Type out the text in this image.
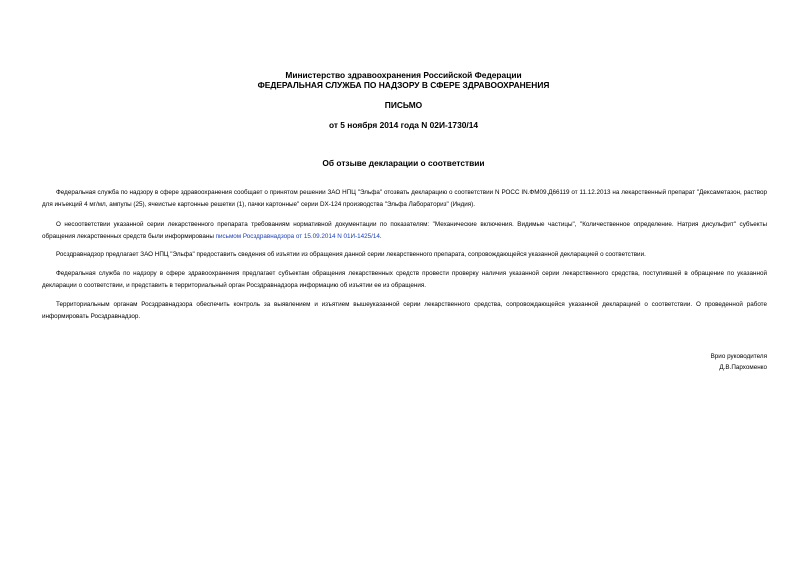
Министерство здравоохранения Российской Федерации
ФЕДЕРАЛЬНАЯ СЛУЖБА ПО НАДЗОРУ В СФЕРЕ ЗДРАВООХРАНЕНИЯ
ПИСЬМО
от 5 ноября 2014 года N 02И-1730/14
Об отзыве декларации о соответствии

Федеральная служба по надзору в сфере здравоохранения сообщает о принятом решении ЗАО НПЦ "Эльфа" отозвать декларацию о соответствии N РОСС IN.ФМ09.Д66119 от 11.12.2013 на лекарственный препарат "Дексаметазон, раствор для инъекций 4 мг/мл, ампулы (25), ячеистые картонные решетки (1), пачки картонные" серии DX-124 производства "Эльфа Лабораториз" (Индия).

О несоответствии указанной серии лекарственного препарата требованиям нормативной документации по показателям: "Механические включения. Видимые частицы", "Количественное определение. Натрия дисульфит" субъекты обращения лекарственных средств были информированы письмом Росздравнадзора от 15.09.2014 N 01И-1425/14.

Росздравнадзор предлагает ЗАО НПЦ "Эльфа" предоставить сведения об изъятии из обращения данной серии лекарственного препарата, сопровождающейся указанной декларацией о соответствии.

Федеральная служба по надзору в сфере здравоохранения предлагает субъектам обращения лекарственных средств провести проверку наличия указанной серии лекарственного средства, поступившей в обращение по указанной декларации о соответствии, и представить в территориальный орган Росздравнадзора информацию об изъятии ее из обращения.

Территориальным органам Росздравнадзора обеспечить контроль за выявлением и изъятием вышеуказанной серии лекарственного средства, сопровождающейся указанной декларацией о соответствии. О проведенной работе информировать Росздравнадзор.

Врио руководителя
Д.В.Пархоменко
